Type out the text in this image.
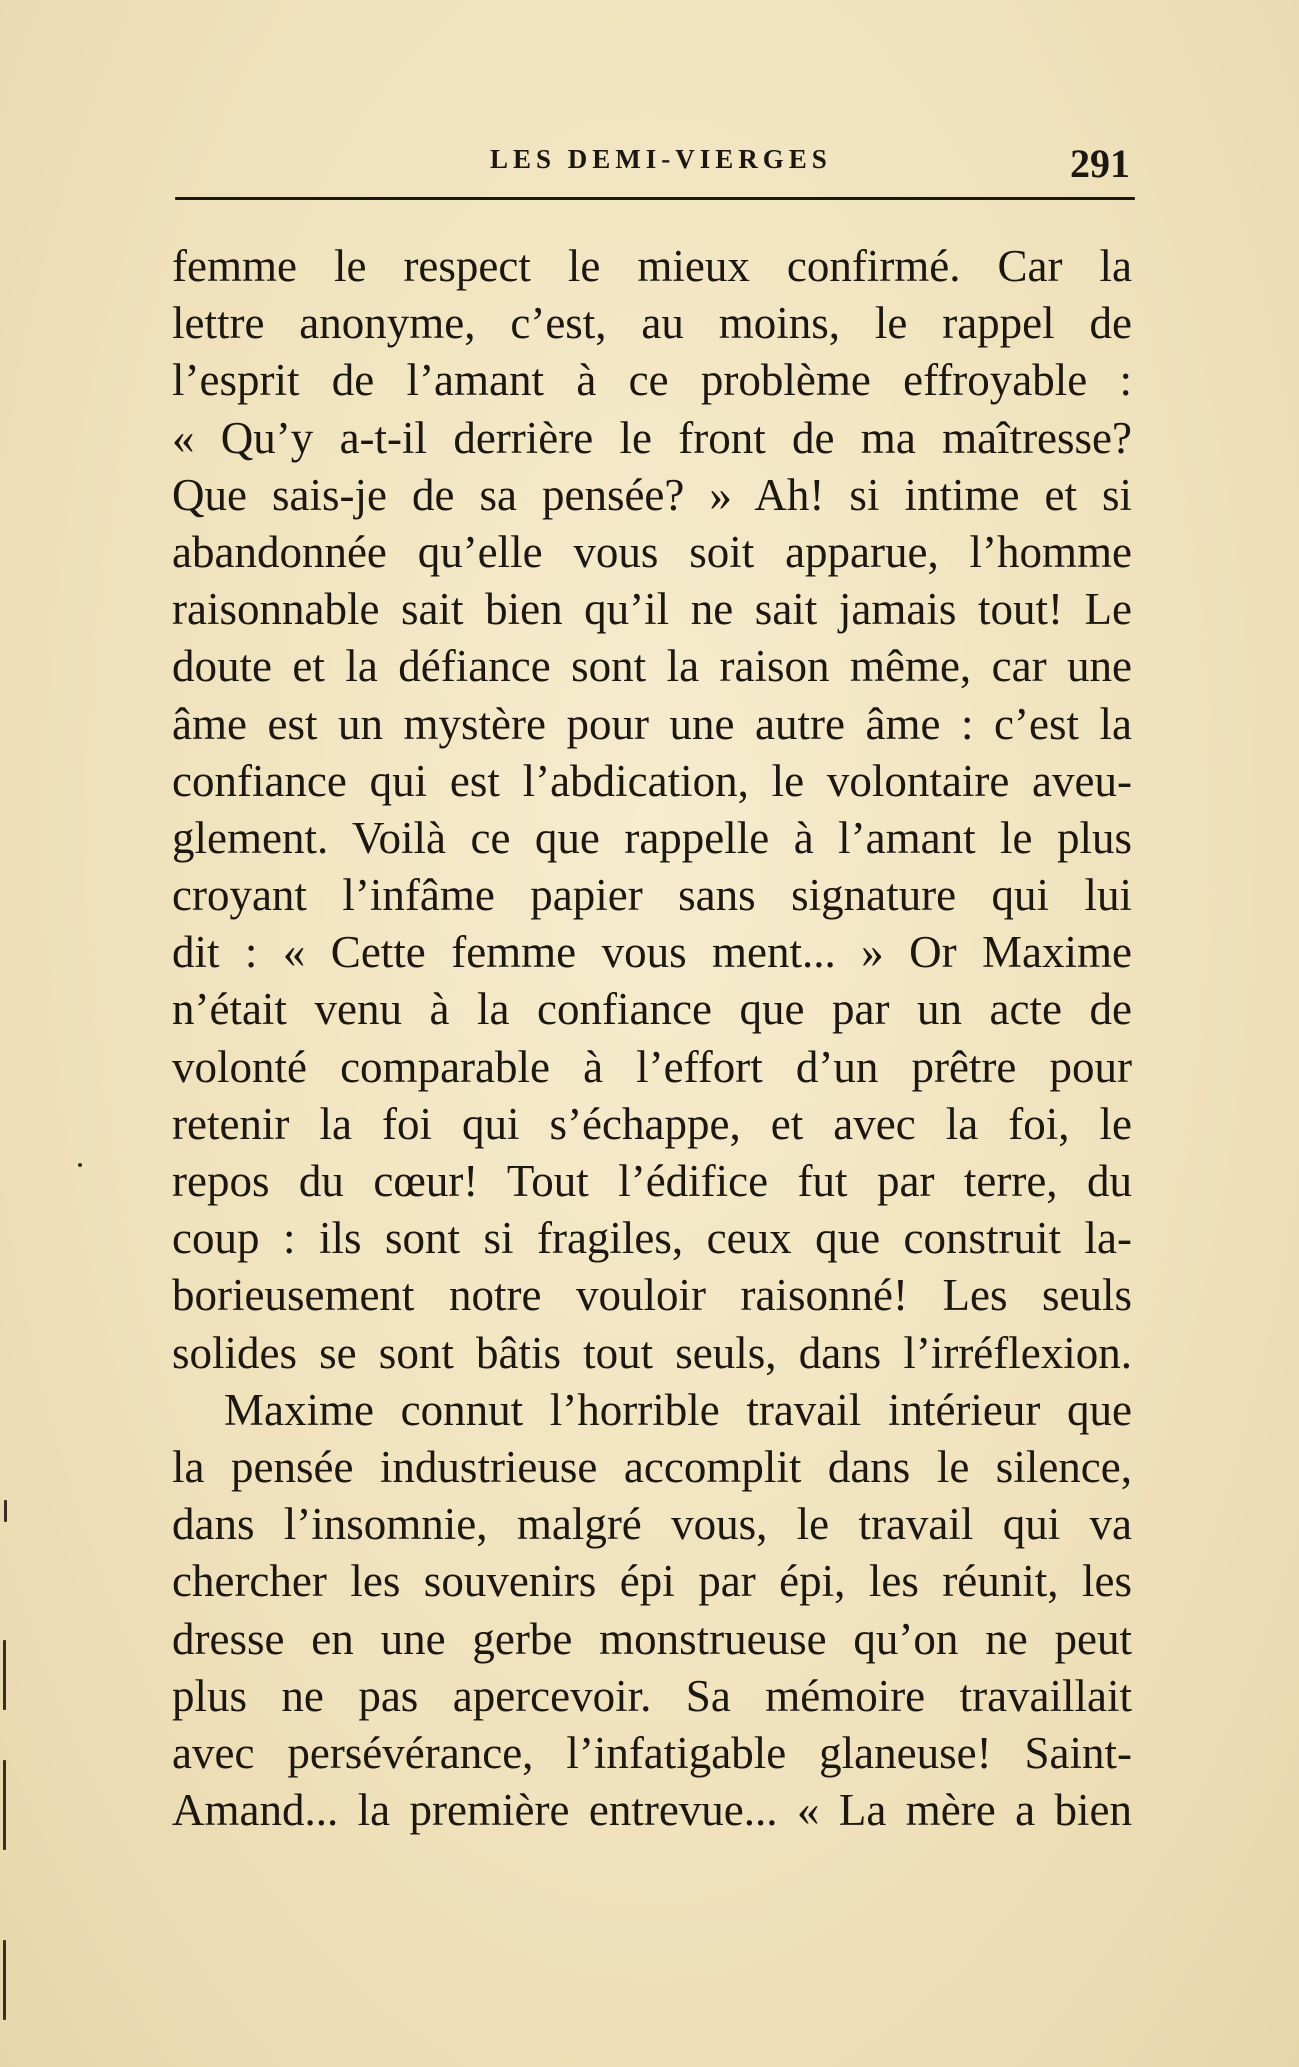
LES DEMI-VIERGES	291
femme le respect le mieux confirmé. Car la
lettre anonyme, c’est, au moins, le rappel de
l’esprit de l’amant à ce problème effroyable :
« Qu’y a-t-il derrière le front de ma maîtresse?
Que sais-je de sa pensée? » Ah! si intime et si
abandonnée qu’elle vous soit apparue, l’homme
raisonnable sait bien qu’il ne sait jamais tout! Le
doute et la défiance sont la raison même, car une
âme est un mystère pour une autre âme : c’est la
confiance qui est l’abdication, le volontaire aveu-
glement. Voilà ce que rappelle à l’amant le plus
croyant l’infâme papier sans signature qui lui
dit : « Cette femme vous ment... » Or Maxime
n’était venu à la confiance que par un acte de
volonté comparable à l’effort d’un prêtre pour
retenir la foi qui s’échappe, et avec la foi, le
repos du cœur! Tout l’édifice fut par terre, du
coup : ils sont si fragiles, ceux que construit la-
borieusement notre vouloir raisonné! Les seuls
solides se sont bâtis tout seuls, dans l’irréflexion.
Maxime connut l’horrible travail intérieur que
la pensée industrieuse accomplit dans le silence,
dans l’insomnie, malgré vous, le travail qui va
chercher les souvenirs épi par épi, les réunit, les
dresse en une gerbe monstrueuse qu’on ne peut
plus ne pas apercevoir. Sa mémoire travaillait
avec persévérance, l’infatigable glaneuse! Saint-
Amand... la première entrevue... « La mère a bien
